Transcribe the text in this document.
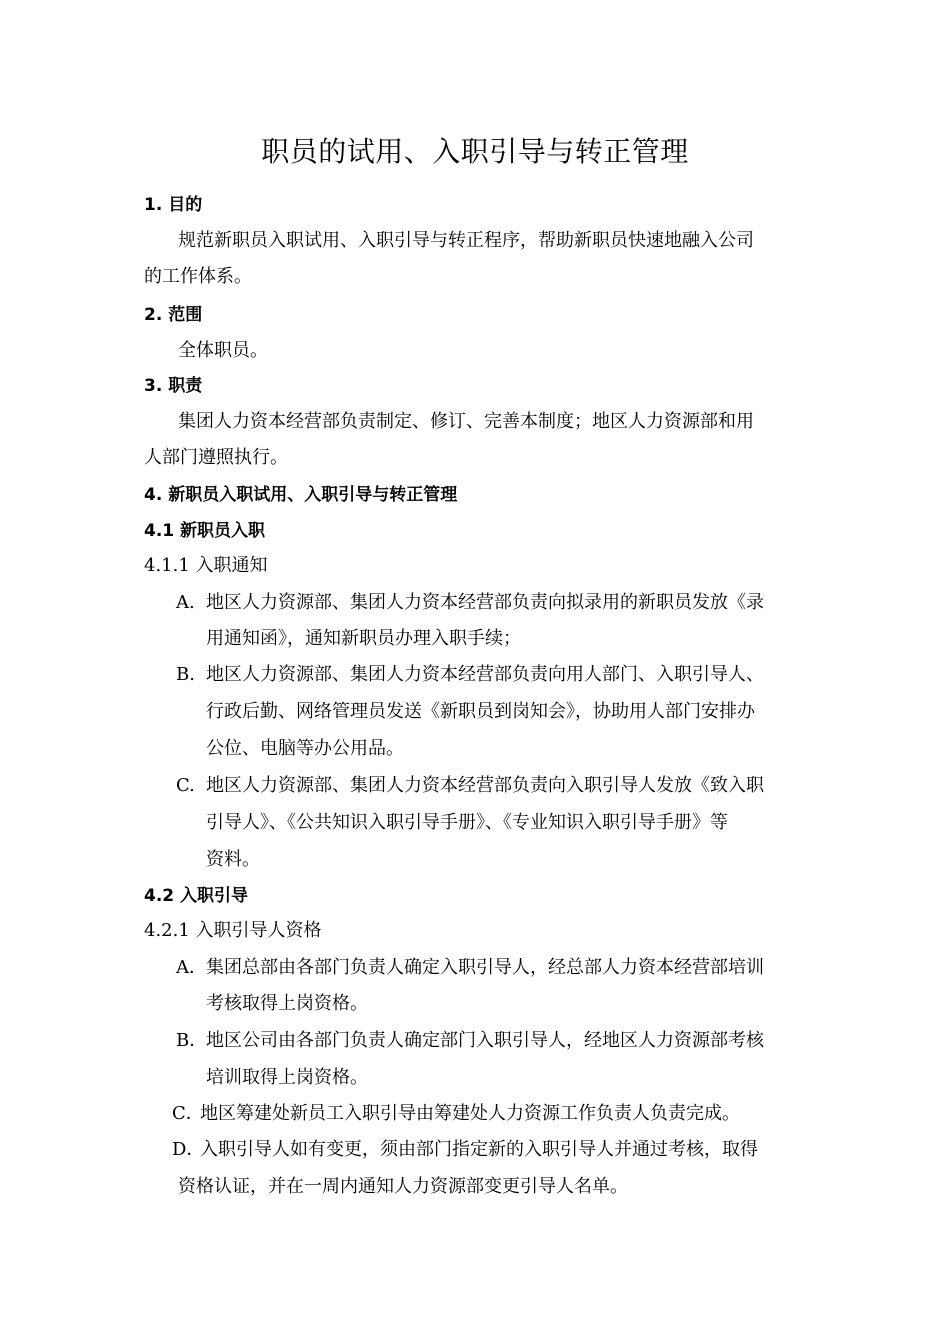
职员的试用、入职引导与转正管理
1. 目的
规范新职员入职试用、入职引导与转正程序，帮助新职员快速地融入公司
的工作体系。
2. 范围
全体职员。
3. 职责
集团人力资本经营部负责制定、修订、完善本制度；地区人力资源部和用
人部门遵照执行。
4. 新职员入职试用、入职引导与转正管理
4.1 新职员入职
4.1.1 入职通知
A. 地区人力资源部、集团人力资本经营部负责向拟录用的新职员发放《录
用通知函》，通知新职员办理入职手续；
B. 地区人力资源部、集团人力资本经营部负责向用人部门、入职引导人、
行政后勤、网络管理员发送《新职员到岗知会》，协助用人部门安排办
公位、电脑等办公用品。
C. 地区人力资源部、集团人力资本经营部负责向入职引导人发放《致入职
引导人》、《公共知识入职引导手册》、《专业知识入职引导手册》等
资料。
4.2 入职引导
4.2.1 入职引导人资格
A． 集团总部由各部门负责人确定入职引导人，经总部人力资本经营部培训
考核取得上岗资格。
B．
地区公司由各部门负责人确定部门入职引导人，经地区人力资源部考核
培训取得上岗资格。
C．
地区筹建处新员工入职引导由筹建处人力资源工作负责人负责完成。
D．
入职引导人如有变更，须由部门指定新的入职引导人并通过考核，取得
资格认证，并在一周内通知人力资源部变更引导人名单。
